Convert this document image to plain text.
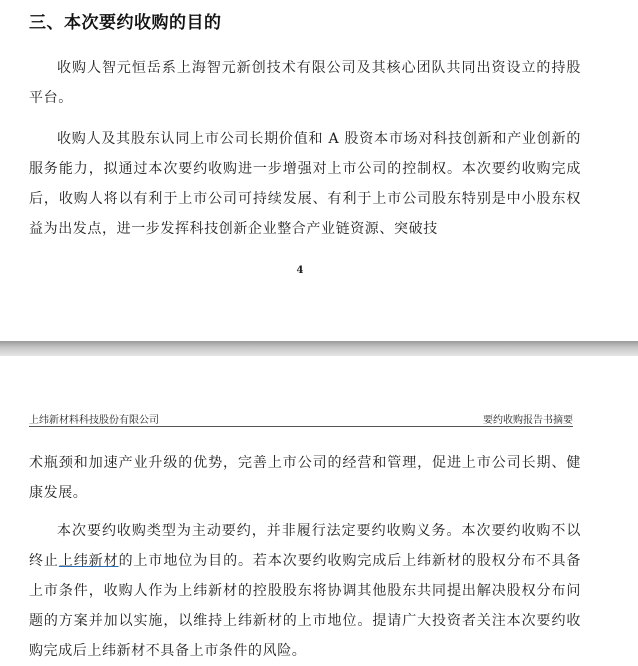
三、本次要约收购的目的

收购人智元恒岳系上海智元新创技术有限公司及其核心团队共同出资设立的持股平台。

收购人及其股东认同上市公司长期价值和 A 股资本市场对科技创新和产业创新的服务能力，拟通过本次要约收购进一步增强对上市公司的控制权。本次要约收购完成后，收购人将以有利于上市公司可持续发展、有利于上市公司股东特别是中小股东权益为出发点，进一步发挥科技创新企业整合产业链资源、突破技

4
上纬新材料科技股份有限公司	要约收购报告书摘要

术瓶颈和加速产业升级的优势，完善上市公司的经营和管理，促进上市公司长期、健康发展。

本次要约收购类型为主动要约，并非履行法定要约收购义务。本次要约收购不以终止上纬新材的上市地位为目的。若本次要约收购完成后上纬新材的股权分布不具备上市条件，收购人作为上纬新材的控股股东将协调其他股东共同提出解决股权分布问题的方案并加以实施，以维持上纬新材的上市地位。提请广大投资者关注本次要约收购完成后上纬新材不具备上市条件的风险。
